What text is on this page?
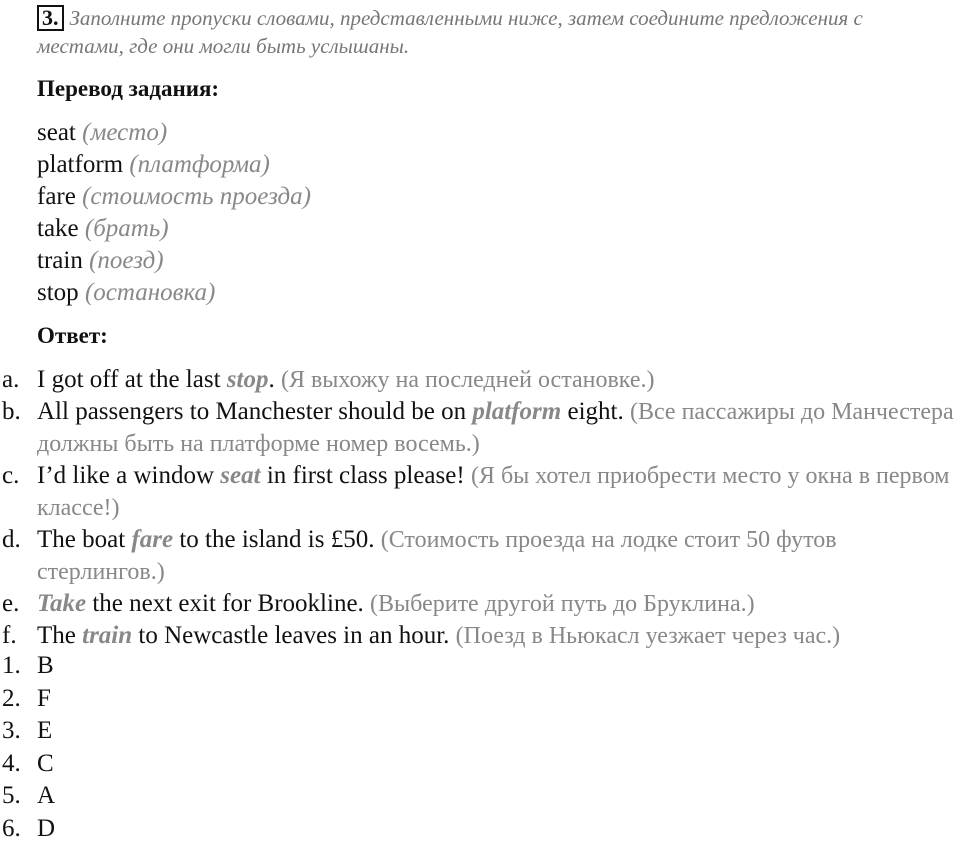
3. Заполните пропуски словами, представленными ниже, затем соедините предложения с местами, где они могли быть услышаны.
Перевод задания:
seat (место)
platform (платформа)
fare (стоимость проезда)
take (брать)
train (поезд)
stop (остановка)
Ответ:
a. I got off at the last stop. (Я выхожу на последней остановке.)
b. All passengers to Manchester should be on platform eight. (Все пассажиры до Манчестера должны быть на платформе номер восемь.)
c. I’d like a window seat in first class please! (Я бы хотел приобрести место у окна в первом классе!)
d. The boat fare to the island is £50. (Стоимость проезда на лодке стоит 50 футов стерлингов.)
e. Take the next exit for Brookline. (Выберите другой путь до Бруклина.)
f. The train to Newcastle leaves in an hour. (Поезд в Ньюкасл уезжает через час.)
1. B
2. F
3. E
4. C
5. A
6. D
